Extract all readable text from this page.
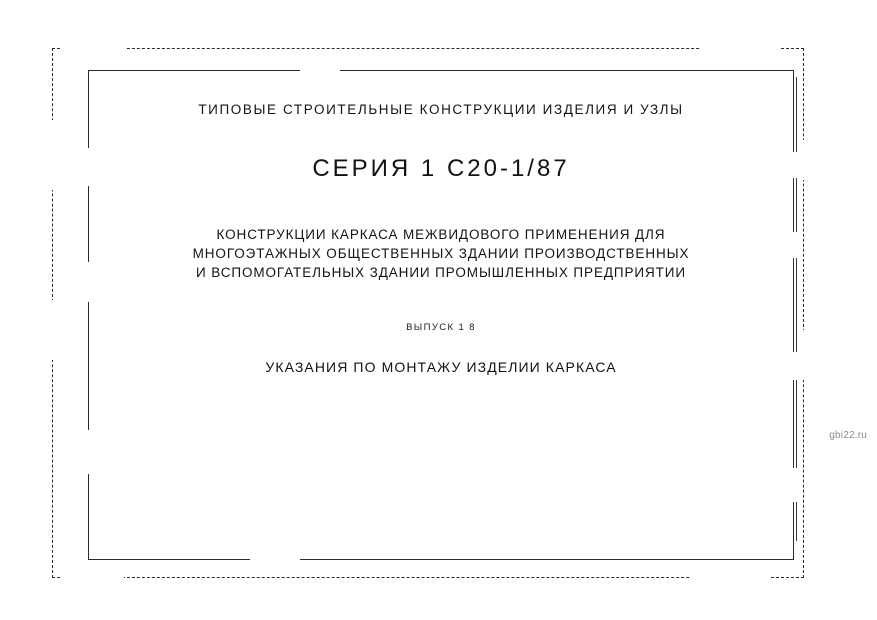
ТИПОВЫЕ СТРОИТЕЛЬНЫЕ КОНСТРУКЦИИ ИЗДЕЛИЯ И УЗЛЫ
СЕРИЯ 1 С20-1/87
КОНСТРУКЦИИ КАРКАСА МЕЖВИДОВОГО ПРИМЕНЕНИЯ ДЛЯ
МНОГОЭТАЖНЫХ ОБЩЕСТВЕННЫХ ЗДАНИИ ПРОИЗВОДСТВЕННЫХ
И ВСПОМОГАТЕЛЬНЫХ ЗДАНИИ ПРОМЫШЛЕННЫХ ПРЕДПРИЯТИИ
ВЫПУСК 1 8
УКАЗАНИЯ ПО МОНТАЖУ ИЗДЕЛИИ КАРКАСА
gbi22.ru
